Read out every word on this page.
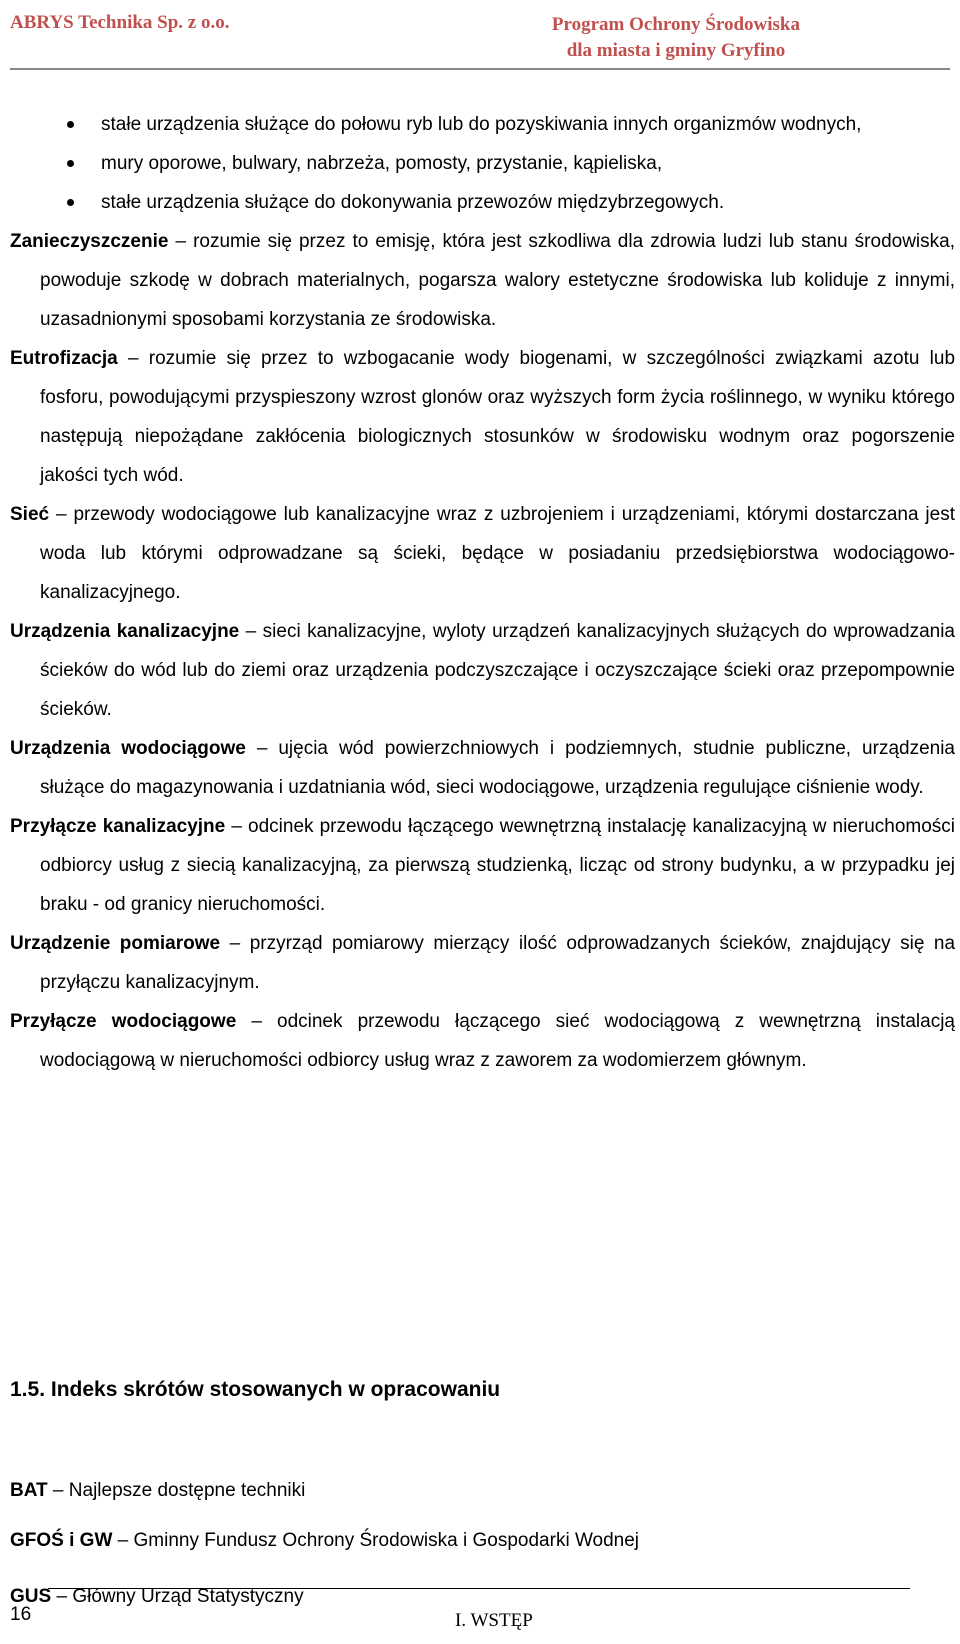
ABRYS Technika Sp. z o.o.	Program Ochrony Środowiska
dla miasta i gminy Gryfino
stałe urządzenia służące do połowu ryb lub do pozyskiwania innych organizmów wodnych,
mury oporowe, bulwary, nabrzeża, pomosty, przystanie, kąpieliska,
stałe urządzenia służące do dokonywania przewozów międzybrzegowych.
Zanieczyszczenie – rozumie się przez to emisję, która jest szkodliwa dla zdrowia ludzi lub stanu środowiska, powoduje szkodę w dobrach materialnych, pogarsza walory estetyczne środowiska lub koliduje z innymi, uzasadnionymi sposobami korzystania ze środowiska.
Eutrofizacja – rozumie się przez to wzbogacanie wody biogenami, w szczególności związkami azotu lub fosforu, powodującymi przyspieszony wzrost glonów oraz wyższych form życia roślinnego, w wyniku którego następują niepożądane zakłócenia biologicznych stosunków w środowisku wodnym oraz pogorszenie jakości tych wód.
Sieć – przewody wodociągowe lub kanalizacyjne wraz z uzbrojeniem i urządzeniami, którymi dostarczana jest woda lub którymi odprowadzane są ścieki, będące w posiadaniu przedsiębiorstwa wodociągowo-kanalizacyjnego.
Urządzenia kanalizacyjne – sieci kanalizacyjne, wyloty urządzeń kanalizacyjnych służących do wprowadzania ścieków do wód lub do ziemi oraz urządzenia podczyszczające i oczyszczające ścieki oraz przepompownie ścieków.
Urządzenia wodociągowe – ujęcia wód powierzchniowych i podziemnych, studnie publiczne, urządzenia służące do magazynowania i uzdatniania wód, sieci wodociągowe, urządzenia regulujące ciśnienie wody.
Przyłącze kanalizacyjne – odcinek przewodu łączącego wewnętrzną instalację kanalizacyjną w nieruchomości odbiorcy usług z siecią kanalizacyjną, za pierwszą studzienką, licząc od strony budynku, a w przypadku jej braku - od granicy nieruchomości.
Urządzenie pomiarowe – przyrząd pomiarowy mierzący ilość odprowadzanych ścieków, znajdujący się na przyłączu kanalizacyjnym.
Przyłącze wodociągowe – odcinek przewodu łączącego sieć wodociągową z wewnętrzną instalacją wodociągową w nieruchomości odbiorcy usług wraz z zaworem za wodomierzem głównym.
1.5. Indeks skrótów stosowanych w opracowaniu
BAT – Najlepsze dostępne techniki
GFOŚ i GW – Gminny Fundusz Ochrony Środowiska i Gospodarki Wodnej
GUS – Główny Urząd Statystyczny
16	I. WSTĘP
